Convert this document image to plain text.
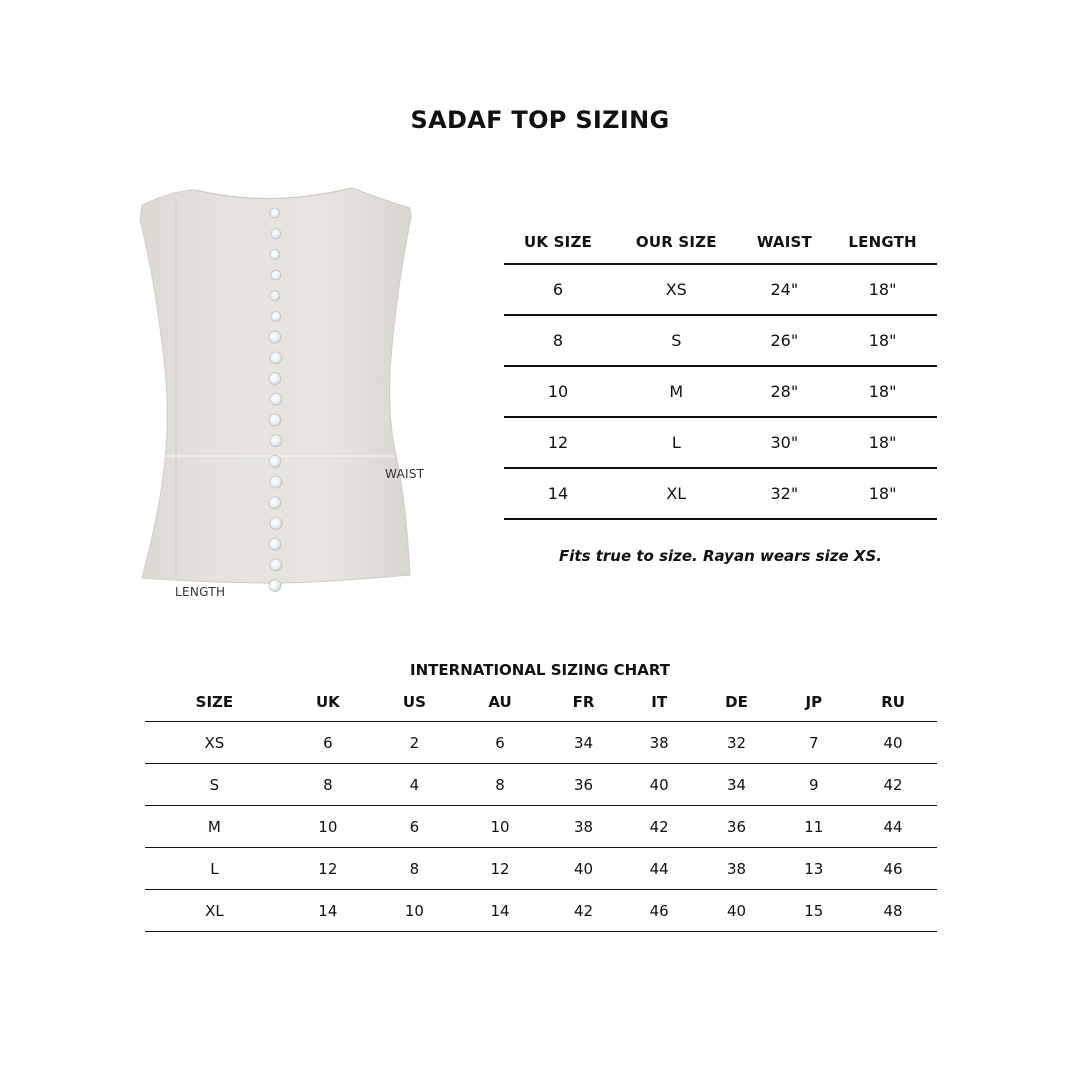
SADAF TOP SIZING
WAIST
LENGTH
UK SIZE	OUR SIZE	WAIST	LENGTH
6	XS	24"	18"
8	S	26"	18"
10	M	28"	18"
12	L	30"	18"
14	XL	32"	18"
Fits true to size. Rayan wears size XS.
INTERNATIONAL SIZING CHART
SIZE	UK	US	AU	FR	IT	DE	JP	RU
XS	6	2	6	34	38	32	7	40
S	8	4	8	36	40	34	9	42
M	10	6	10	38	42	36	11	44
L	12	8	12	40	44	38	13	46
XL	14	10	14	42	46	40	15	48
